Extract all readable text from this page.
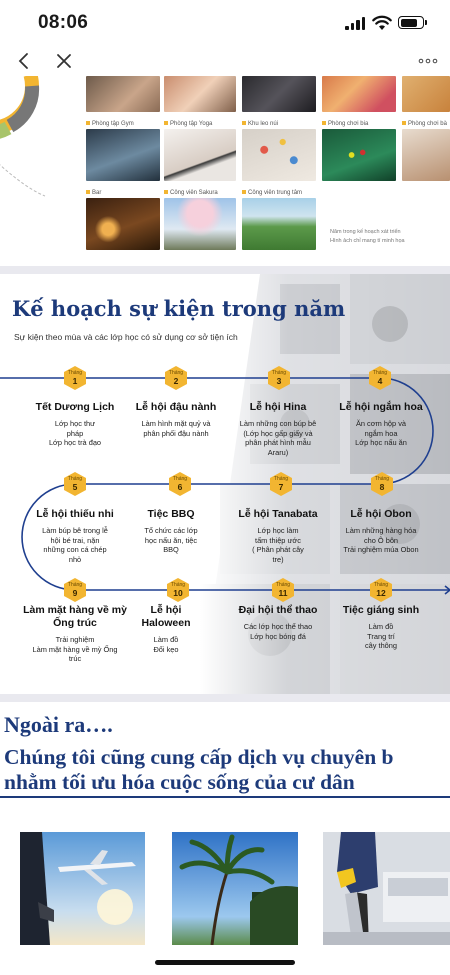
08:06
Phòng tập Gym	Phòng tập Yoga	Khu leo núi	Phòng chơi bia	Phòng chơi bà
Bar	Công viên Sakura	Công viên trung tâm
Năm trong kế hoạch xát triển
Hình ảch chỉ mang tí minh họa
Kế hoạch sự kiện trong năm
Sự kiện theo mùa và các lớp học có sử dụng cơ sở tiện ích
Tháng
1
Tết Dương Lịch
Lớp học thư
pháp
Lớp học trà đạo
Tháng
2
Lễ hội đậu nành
Làm hình mặt quỷ và
phân phối đậu nành
Tháng
3
Lễ hội Hina
Làm những con búp bê
(Lớp học gấp giấy và
phân phát hình mẫu
Araru)
Tháng
4
Lễ hội ngắm hoa
Ăn cơm hộp và
ngắm hoa
Lớp học nấu ăn
Tháng
5
Lễ hội thiếu nhi
Làm búp bê trong lễ
hội bé trai, nặn
những con cá chép
nhỏ
Tháng
6
Tiệc BBQ
Tổ chức các lớp
học nấu ăn, tiệc
BBQ
Tháng
7
Lễ hội Tanabata
Lớp học làm
tấm thiệp ước
( Phân phát cây
tre)
Tháng
8
Lễ hội Obon
Làm những hàng hóa
cho Ô bôn
Trải nghiệm múa Obon
Tháng
9
Làm mặt hàng về mỳ
Ống trúc
Trải nghiệm
Làm mặt hàng về mỳ Ống
trúc
Tháng
10
Lễ hội
Haloween
Làm đồ
Đổi kẹo
Tháng
11
Đại hội thể thao
Các lớp học thể thao
Lớp học bóng đá
Tháng
12
Tiệc giáng sinh
Làm đồ
Trang trí
cây thông
Ngoài ra….
Chúng tôi cũng cung cấp dịch vụ chuyên b
nhằm tối ưu hóa cuộc sống của cư dân
